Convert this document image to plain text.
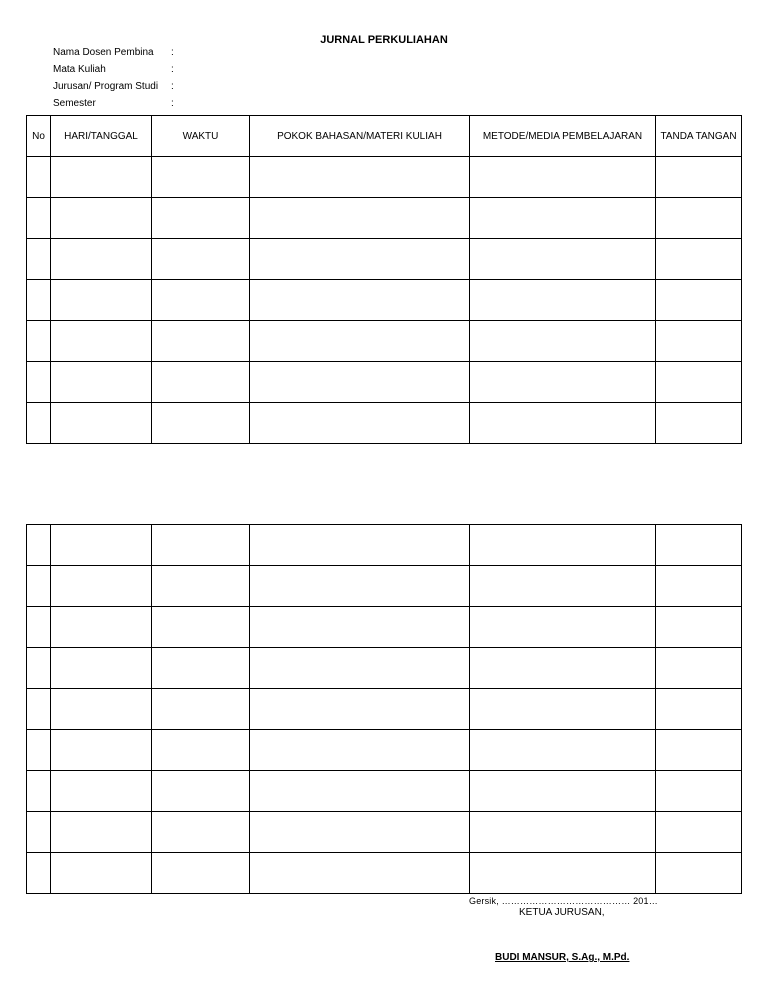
JURNAL PERKULIAHAN
Nama Dosen Pembina	:
Mata Kuliah	:
Jurusan/ Program Studi	:
Semester	:
No	HARI/TANGGAL	WAKTU	POKOK BAHASAN/MATERI KULIAH	METODE/MEDIA PEMBELAJARAN	TANDA TANGAN

Gersik, …………………………………… 201…
KETUA JURUSAN,
BUDI MANSUR, S.Ag., M.Pd.
